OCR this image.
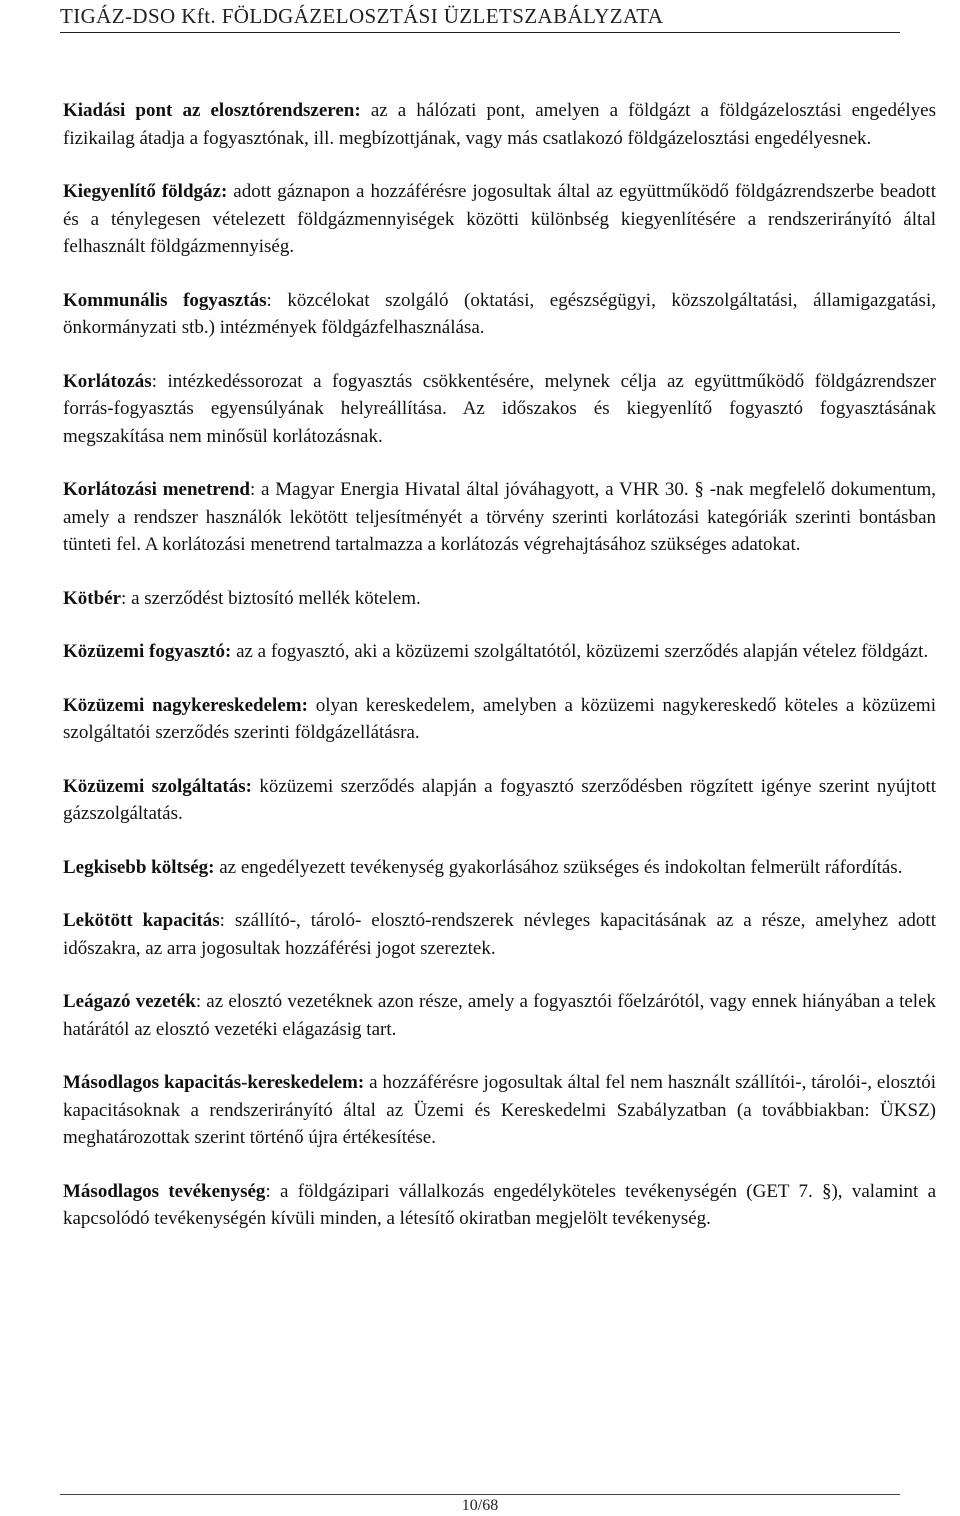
TIGÁZ-DSO Kft. FÖLDGÁZELOSZTÁSI ÜZLETSZABÁLYZATA

Kiadási pont az elosztórendszeren: az a hálózati pont, amelyen a földgázt a földgázelosztási engedélyes fizikailag átadja a fogyasztónak, ill. megbízottjának, vagy más csatlakozó földgázelosztási engedélyesnek.

Kiegyenlítő földgáz: adott gáznapon a hozzáférésre jogosultak által az együttműködő földgázrendszerbe beadott és a ténylegesen vételezett földgázmennyiségek közötti különbség kiegyenlítésére a rendszerirányító által felhasznált földgázmennyiség.

Kommunális fogyasztás: közcélokat szolgáló (oktatási, egészségügyi, közszolgáltatási, államigazgatási, önkormányzati stb.) intézmények földgázfelhasználása.

Korlátozás: intézkedéssorozat a fogyasztás csökkentésére, melynek célja az együttműködő földgázrendszer forrás-fogyasztás egyensúlyának helyreállítása. Az időszakos és kiegyenlítő fogyasztó fogyasztásának megszakítása nem minősül korlátozásnak.

Korlátozási menetrend: a Magyar Energia Hivatal által jóváhagyott, a VHR 30. § -nak megfelelő dokumentum, amely a rendszer használók lekötött teljesítményét a törvény szerinti korlátozási kategóriák szerinti bontásban tünteti fel. A korlátozási menetrend tartalmazza a korlátozás végrehajtásához szükséges adatokat.

Kötbér: a szerződést biztosító mellék kötelem.

Közüzemi fogyasztó: az a fogyasztó, aki a közüzemi szolgáltatótól, közüzemi szerződés alapján vételez földgázt.

Közüzemi nagykereskedelem: olyan kereskedelem, amelyben a közüzemi nagykereskedő köteles a közüzemi szolgáltatói szerződés szerinti földgázellátásra.

Közüzemi szolgáltatás: közüzemi szerződés alapján a fogyasztó szerződésben rögzített igénye szerint nyújtott gázszolgáltatás.

Legkisebb költség: az engedélyezett tevékenység gyakorlásához szükséges és indokoltan felmerült ráfordítás.

Lekötött kapacitás: szállító-, tároló- elosztó-rendszerek névleges kapacitásának az a része, amelyhez adott időszakra, az arra jogosultak hozzáférési jogot szereztek.

Leágazó vezeték: az elosztó vezetéknek azon része, amely a fogyasztói főelzárótól, vagy ennek hiányában a telek határától az elosztó vezetéki elágazásig tart.

Másodlagos kapacitás-kereskedelem: a hozzáférésre jogosultak által fel nem használt szállítói-, tárolói-, elosztói kapacitásoknak a rendszerirányító által az Üzemi és Kereskedelmi Szabályzatban (a továbbiakban: ÜKSZ) meghatározottak szerint történő újra értékesítése.

Másodlagos tevékenység: a földgázipari vállalkozás engedélyköteles tevékenységén (GET 7. §), valamint a kapcsolódó tevékenységén kívüli minden, a létesítő okiratban megjelölt tevékenység.

10/68
